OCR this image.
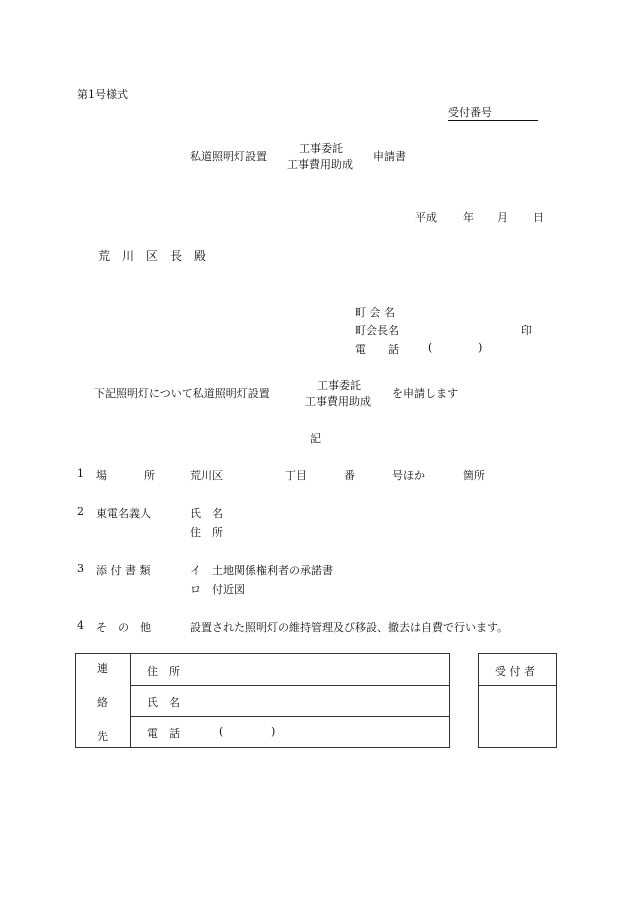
第1号様式
受付番号
私道照明灯設置
工事委託
工事費用助成
申請書
平成 年 月 日
荒　川　区　長　殿
町 会 名
町会長名	印
電　　話	(	)
下記照明灯について私道照明灯設置
工事委託
工事費用助成
を申請します
記
1 場	所	荒川区	丁目	番	号ほか	箇所
2 東電名義人	氏　名
住　所
3 添 付 書 類	イ 土地関係権利者の承諾書
ロ 付近図
4 そ　の　他	設置された照明灯の維持管理及び移設、撤去は自費で行います。
連
絡
先
住　所
氏　名
電　話	(	)
受 付 者
